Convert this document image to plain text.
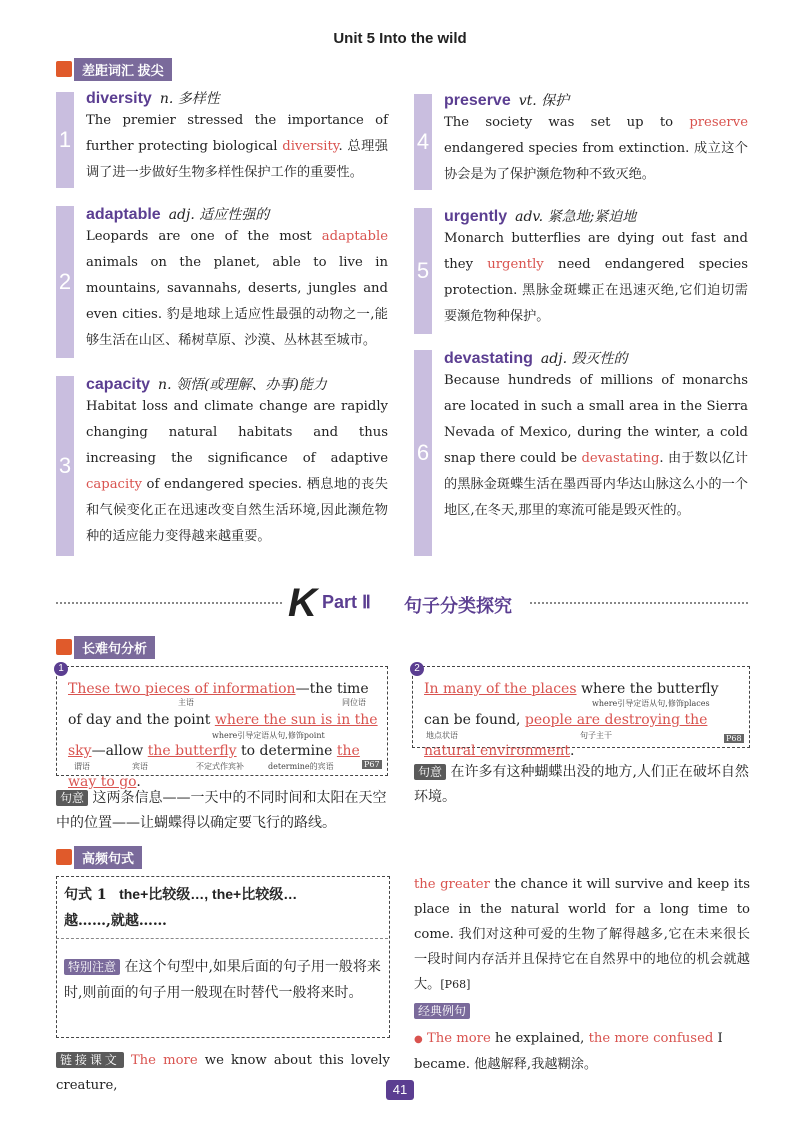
Unit 5 Into the wild
差距词汇 拔尖
1
diversity n. 多样性
The premier stressed the importance of further protecting biological diversity. 总理强调了进一步做好生物多样性保护工作的重要性。
2
adaptable adj. 适应性强的
Leopards are one of the most adaptable animals on the planet, able to live in mountains, savannahs, deserts, jungles and even cities. 豹是地球上适应性最强的动物之一,能够生活在山区、稀树草原、沙漠、丛林甚至城市。
3
capacity n. 领悟(或理解、办事)能力
Habitat loss and climate change are rapidly changing natural habitats and thus increasing the significance of adaptive capacity of endangered species. 栖息地的丧失和气候变化正在迅速改变自然生活环境,因此濒危物种的适应能力变得越来越重要。
4
preserve vt. 保护
The society was set up to preserve endangered species from extinction. 成立这个协会是为了保护濒危物种不致灭绝。
5
urgently adv. 紧急地;紧迫地
Monarch butterflies are dying out fast and they urgently need endangered species protection. 黑脉金斑蝶正在迅速灭绝,它们迫切需要濒危物种保护。
6
devastating adj. 毁灭性的
Because hundreds of millions of monarchs are located in such a small area in the Sierra Nevada of Mexico, during the winter, a cold snap there could be devastating. 由于数以亿计的黑脉金斑蝶生活在墨西哥内华达山脉这么小的一个地区,在冬天,那里的寒流可能是毁灭性的。
K Part Ⅱ 句子分类探究
长难句分析
1
These two pieces of information—the time of day and the point where the sun is in the sky—allow the butterfly to determine the way to go.
主语	同位语
where引导定语从句,修饰point
谓语	宾语	不定式作宾补	determine的宾语	P67
句意 这两条信息——一天中的不同时间和太阳在天空中的位置——让蝴蝶得以确定要飞行的路线。
2
In many of the places where the butterfly can be found, people are destroying the natural environment.
where引导定语从句,修饰places
地点状语	句子主干	P68
句意 在许多有这种蝴蝶出没的地方,人们正在破坏自然环境。
高频句式
句式 1 the+比较级…, the+比较级…
越……,就越……
特别注意 在这个句型中,如果后面的句子用一般将来时,则前面的句子用一般现在时替代一般将来时。
链接课文 The more we know about this lovely creature,
the greater the chance it will survive and keep its place in the natural world for a long time to come. 我们对这种可爱的生物了解得越多,它在未来很长一段时间内存活并且保持它在自然界中的地位的机会就越大。[P68]
经典例句
● The more he explained, the more confused I became. 他越解释,我越糊涂。
41
